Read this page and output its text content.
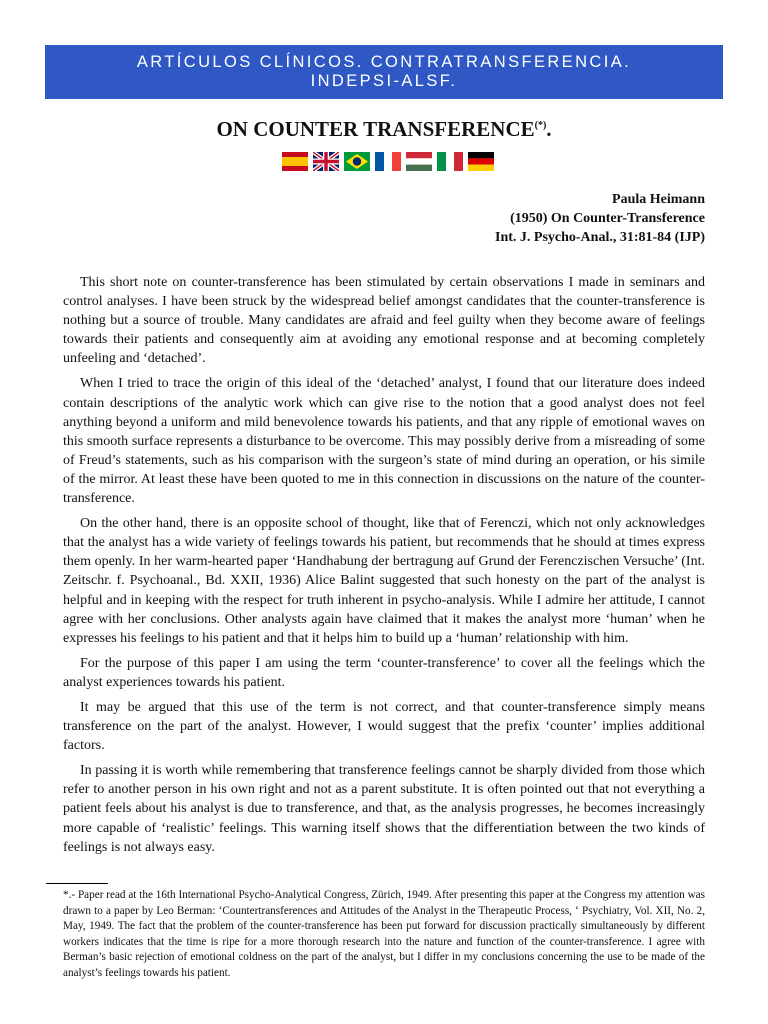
ARTÍCULOS CLÍNICOS. CONTRATRANSFERENCIA.
INDEPSI-ALSF.
ON COUNTER TRANSFERENCE(*).
Paula Heimann
(1950) On Counter-Transference
Int. J. Psycho-Anal., 31:81-84 (IJP)

This short note on counter-transference has been stimulated by certain observations I made in seminars and control analyses. I have been struck by the widespread belief amongst candidates that the counter-transference is nothing but a source of trouble. Many candidates are afraid and feel guilty when they become aware of feelings towards their patients and consequently aim at avoiding any emotional response and at becoming completely unfeeling and ‘detached’.

When I tried to trace the origin of this ideal of the ‘detached’ analyst, I found that our literature does indeed contain descriptions of the analytic work which can give rise to the notion that a good analyst does not feel anything beyond a uniform and mild benevolence towards his patients, and that any ripple of emotional waves on this smooth surface represents a disturbance to be overcome. This may possibly derive from a misreading of some of Freud’s statements, such as his comparison with the surgeon’s state of mind during an operation, or his simile of the mirror. At least these have been quoted to me in this connection in discussions on the nature of the counter-transference.

On the other hand, there is an opposite school of thought, like that of Ferenczi, which not only acknowledges that the analyst has a wide variety of feelings towards his patient, but recommends that he should at times express them openly. In her warm-hearted paper ‘Handhabung der bertragung auf Grund der Ferenczischen Versuche’ (Int. Zeitschr. f. Psychoanal., Bd. XXII, 1936) Alice Balint suggested that such honesty on the part of the analyst is helpful and in keeping with the respect for truth inherent in psycho-analysis. While I admire her attitude, I cannot agree with her conclusions. Other analysts again have claimed that it makes the analyst more ‘human’ when he expresses his feelings to his patient and that it helps him to build up a ‘human’ relationship with him.

For the purpose of this paper I am using the term ‘counter-transference’ to cover all the feelings which the analyst experiences towards his patient.

It may be argued that this use of the term is not correct, and that counter-transference simply means transference on the part of the analyst. However, I would suggest that the prefix ‘counter’ implies additional factors.

In passing it is worth while remembering that transference feelings cannot be sharply divided from those which refer to another person in his own right and not as a parent substitute. It is often pointed out that not everything a patient feels about his analyst is due to transference, and that, as the analysis progresses, he becomes increasingly more capable of ‘realistic’ feelings. This warning itself shows that the differentiation between the two kinds of feelings is not always easy.

*.- Paper read at the 16th International Psycho-Analytical Congress, Zürich, 1949. After presenting this paper at the Congress my attention was drawn to a paper by Leo Berman: ‘Countertransferences and Attitudes of the Analyst in the Therapeutic Process, ‘ Psychiatry, Vol. XII, No. 2, May, 1949. The fact that the problem of the counter-transference has been put forward for discussion practically simultaneously by different workers indicates that the time is ripe for a more thorough research into the nature and function of the counter-transference. I agree with Berman’s basic rejection of emotional coldness on the part of the analyst, but I differ in my conclusions concerning the use to be made of the analyst’s feelings towards his patient.
